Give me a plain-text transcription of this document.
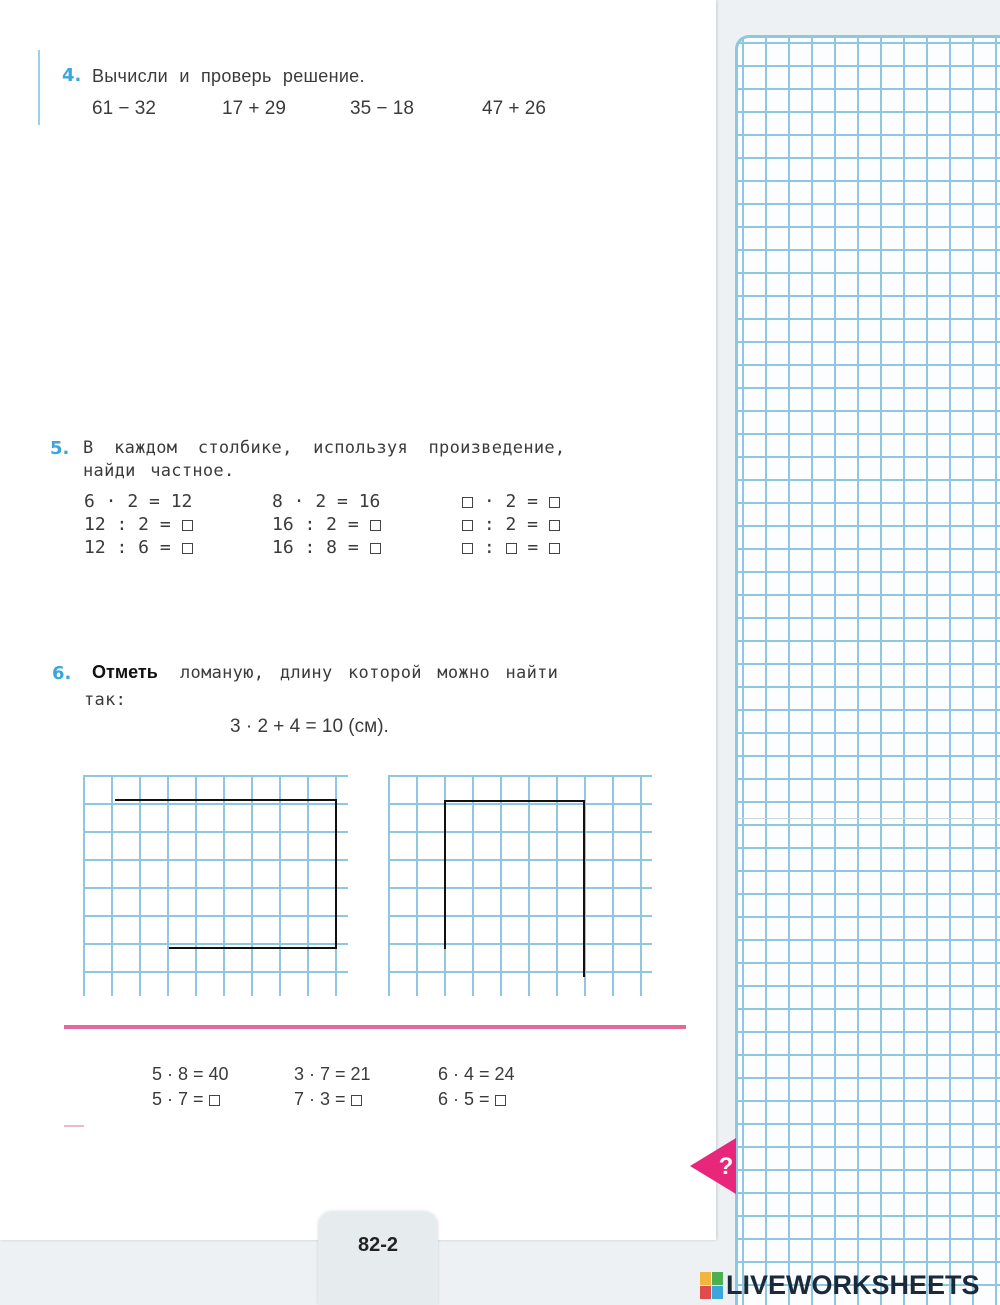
4. Вычисли и проверь решение.
61 − 32	17 + 29	35 − 18	47 + 26
5. В каждом столбике, используя произведение,
найди частное.
6 · 2 = 12
12 : 2 =
12 : 6 =
8 · 2 = 16
16 : 2 =
16 : 8 =
· 2 =
: 2 =
:  =
6. Отметь ломаную, длину которой можно найти
так:
3 · 2 + 4 = 10 (см).
5 · 8 = 40
5 · 7 =
3 · 7 = 21
7 · 3 =
6 · 4 = 24
6 · 5 =
?
82-2
LIVEWORKSHEETS
